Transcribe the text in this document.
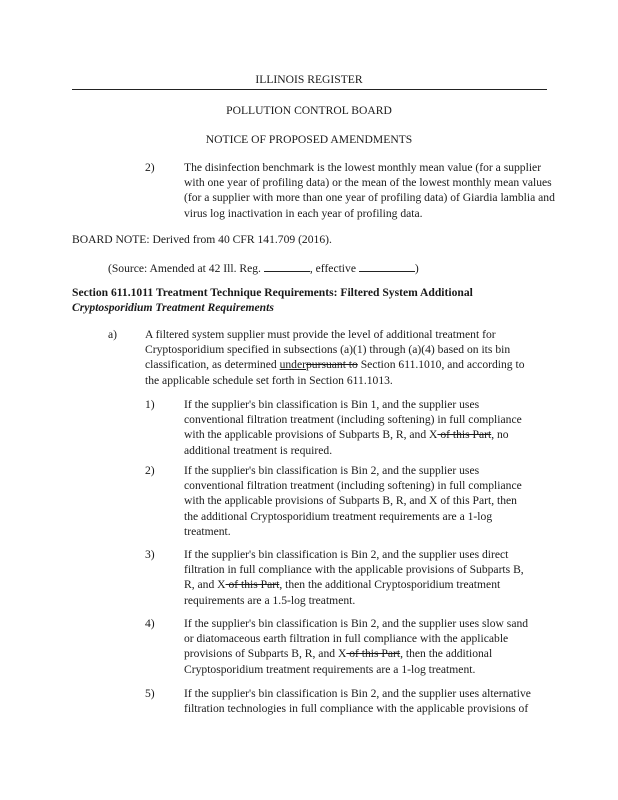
ILLINOIS REGISTER
POLLUTION CONTROL BOARD
NOTICE OF PROPOSED AMENDMENTS
2)	The disinfection benchmark is the lowest monthly mean value (for a supplier with one year of profiling data) or the mean of the lowest monthly mean values (for a supplier with more than one year of profiling data) of Giardia lamblia and virus log inactivation in each year of profiling data.
BOARD NOTE: Derived from 40 CFR 141.709 (2016).
(Source: Amended at 42 Ill. Reg.	, effective	)
Section 611.1011 Treatment Technique Requirements: Filtered System Additional
Cryptosporidium Treatment Requirements
a) A filtered system supplier must provide the level of additional treatment for
Cryptosporidium specified in subsections (a)(1) through (a)(4) based on its bin
classification, as determined underpursuant to Section 611.1010, and according to
the applicable schedule set forth in Section 611.1013.
1)	If the supplier's bin classification is Bin 1, and the supplier uses
conventional filtration treatment (including softening) in full compliance
with the applicable provisions of Subparts B, R, and X of this Part, no
additional treatment is required.
2)	If the supplier's bin classification is Bin 2, and the supplier uses
conventional filtration treatment (including softening) in full compliance
with the applicable provisions of Subparts B, R, and X of this Part, then
the additional Cryptosporidium treatment requirements are a 1-log
treatment.
3)	If the supplier's bin classification is Bin 2, and the supplier uses direct
filtration in full compliance with the applicable provisions of Subparts B,
R, and X of this Part, then the additional Cryptosporidium treatment
requirements are a 1.5-log treatment.
4)	If the supplier's bin classification is Bin 2, and the supplier uses slow sand
or diatomaceous earth filtration in full compliance with the applicable
provisions of Subparts B, R, and X of this Part, then the additional
Cryptosporidium treatment requirements are a 1-log treatment.
5)	If the supplier's bin classification is Bin 2, and the supplier uses alternative
filtration technologies in full compliance with the applicable provisions of
